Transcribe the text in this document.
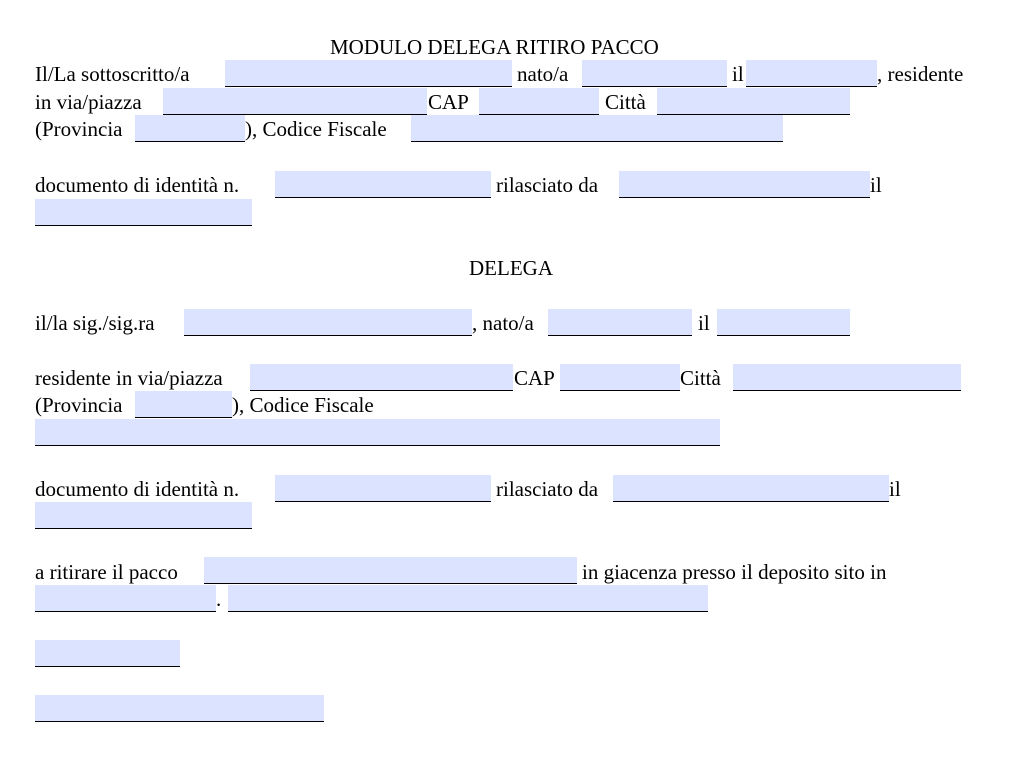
MODULO DELEGA RITIRO PACCO
Il/La sottoscritto/a	nato/a	il	, residente
in via/piazza	CAP	Città
(Provincia	), Codice Fiscale
documento di identità n.	rilasciato da	il
DELEGA
il/la sig./sig.ra	, nato/a	il
residente in via/piazza	CAP	Città
(Provincia	), Codice Fiscale
documento di identità n.	rilasciato da	il
a ritirare il pacco	in giacenza presso il deposito sito in
.
